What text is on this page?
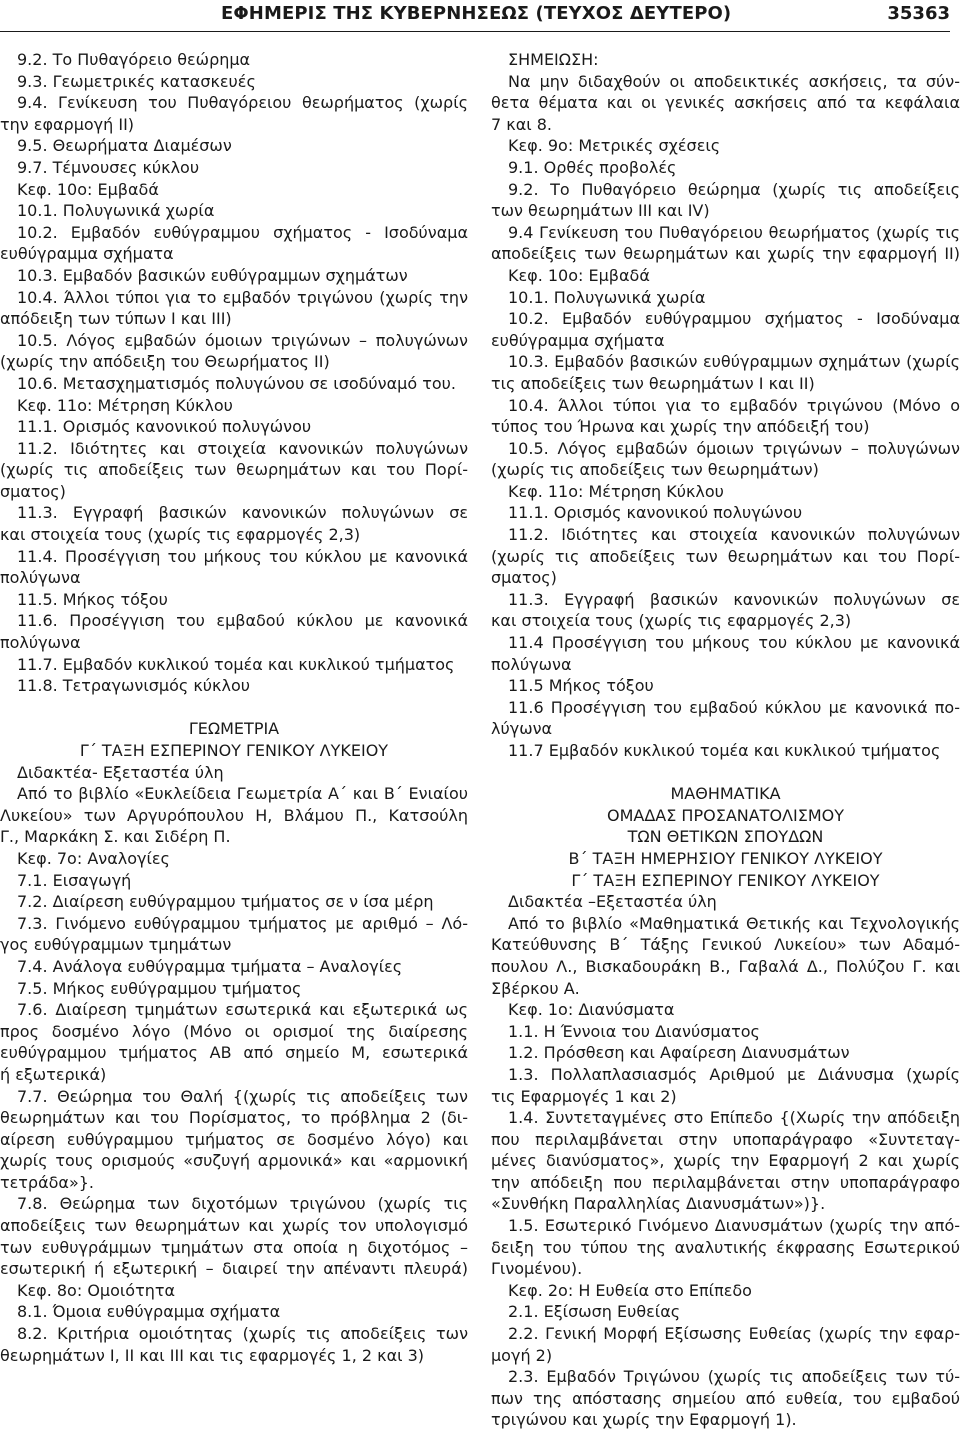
ΕΦΗΜΕΡΙΣ ΤΗΣ ΚΥΒΕΡΝΗΣΕΩΣ (ΤΕΥΧΟΣ ΔΕΥΤΕΡΟ)	35363
9.2. Το Πυθαγόρειο θεώρημα
9.3. Γεωμετρικές κατασκευές
9.4. Γενίκευση του Πυθαγόρειου θεωρήματος (χωρίς
την εφαρμογή ΙΙ)
9.5. Θεωρήματα Διαμέσων
9.7. Τέμνουσες κύκλου
Κεφ. 10ο: Εμβαδά
10.1. Πολυγωνικά χωρία
10.2. Εμβαδόν ευθύγραμμου σχήματος - Ισοδύναμα
ευθύγραμμα σχήματα
10.3. Εμβαδόν βασικών ευθύγραμμων σχημάτων
10.4. Άλλοι τύποι για το εμβαδόν τριγώνου (χωρίς την
απόδειξη των τύπων Ι και ΙΙΙ)
10.5. Λόγος εμβαδών όμοιων τριγώνων – πολυγώνων
(χωρίς την απόδειξη του Θεωρήματος ΙΙ)
10.6. Μετασχηματισμός πολυγώνου σε ισοδύναμό του.
Κεφ. 11ο: Μέτρηση Κύκλου
11.1. Ορισμός κανονικού πολυγώνου
11.2. Ιδιότητες και στοιχεία κανονικών πολυγώνων
(χωρίς τις αποδείξεις των θεωρημάτων και του Πορί-
σματος)
11.3. Εγγραφή βασικών κανονικών πολυγώνων σε
και στοιχεία τους (χωρίς τις εφαρμογές 2,3)
11.4. Προσέγγιση του μήκους του κύκλου με κανονικά
πολύγωνα
11.5. Μήκος τόξου
11.6. Προσέγγιση του εμβαδού κύκλου με κανονικά
πολύγωνα
11.7. Εμβαδόν κυκλικού τομέα και κυκλικού τμήματος
11.8. Τετραγωνισμός κύκλου
ΓΕΩΜΕΤΡΙΑ
Γ΄ ΤΑΞΗ ΕΣΠΕΡΙΝΟΥ ΓΕΝΙΚΟΥ ΛΥΚΕΙΟΥ
Διδακτέα- Εξεταστέα ύλη
Από το βιβλίο «Ευκλείδεια Γεωμετρία Α΄ και Β΄ Ενιαίου
Λυκείου» των Αργυρόπουλου Η, Βλάμου Π., Κατσούλη
Γ., Μαρκάκη Σ. και Σιδέρη Π.
Κεφ. 7ο: Αναλογίες
7.1. Εισαγωγή
7.2. Διαίρεση ευθύγραμμου τμήματος σε ν ίσα μέρη
7.3. Γινόμενο ευθύγραμμου τμήματος με αριθμό – Λό-
γος ευθύγραμμων τμημάτων
7.4. Ανάλογα ευθύγραμμα τμήματα – Αναλογίες
7.5. Μήκος ευθύγραμμου τμήματος
7.6. Διαίρεση τμημάτων εσωτερικά και εξωτερικά ως
προς δοσμένο λόγο (Μόνο οι ορισμοί της διαίρεσης
ευθύγραμμου τμήματος ΑΒ από σημείο Μ, εσωτερικά
ή εξωτερικά)
7.7. Θεώρημα του Θαλή {(χωρίς τις αποδείξεις των
θεωρημάτων και του Πορίσματος, το πρόβλημα 2 (δι-
αίρεση ευθύγραμμου τμήματος σε δοσμένο λόγο) και
χωρίς τους ορισμούς «συζυγή αρμονικά» και «αρμονική
τετράδα»}.
7.8. Θεώρημα των διχοτόμων τριγώνου (χωρίς τις
αποδείξεις των θεωρημάτων και χωρίς τον υπολογισμό
των ευθυγράμμων τμημάτων στα οποία η διχοτόμος –
εσωτερική ή εξωτερική – διαιρεί την απέναντι πλευρά)
Κεφ. 8ο: Ομοιότητα
8.1. Όμοια ευθύγραμμα σχήματα
8.2. Κριτήρια ομοιότητας (χωρίς τις αποδείξεις των
θεωρημάτων Ι, ΙΙ και ΙΙΙ και τις εφαρμογές 1, 2 και 3)
ΣΗΜΕΙΩΣΗ:
Να μην διδαχθούν οι αποδεικτικές ασκήσεις, τα σύν-
θετα θέματα και οι γενικές ασκήσεις από τα κεφάλαια
7 και 8.
Κεφ. 9ο: Μετρικές σχέσεις
9.1. Ορθές προβολές
9.2. Το Πυθαγόρειο θεώρημα (χωρίς τις αποδείξεις
των θεωρημάτων ΙΙΙ και ΙV)
9.4 Γενίκευση του Πυθαγόρειου θεωρήματος (χωρίς τις
αποδείξεις των θεωρημάτων και χωρίς την εφαρμογή ΙΙ)
Κεφ. 10ο: Εμβαδά
10.1. Πολυγωνικά χωρία
10.2. Εμβαδόν ευθύγραμμου σχήματος - Ισοδύναμα
ευθύγραμμα σχήματα
10.3. Εμβαδόν βασικών ευθύγραμμων σχημάτων (χωρίς
τις αποδείξεις των θεωρημάτων Ι και ΙΙ)
10.4. Άλλοι τύποι για το εμβαδόν τριγώνου (Μόνο ο
τύπος του Ήρωνα και χωρίς την απόδειξή του)
10.5. Λόγος εμβαδών όμοιων τριγώνων – πολυγώνων
(χωρίς τις αποδείξεις των θεωρημάτων)
Κεφ. 11ο: Μέτρηση Κύκλου
11.1. Ορισμός κανονικού πολυγώνου
11.2. Ιδιότητες και στοιχεία κανονικών πολυγώνων
(χωρίς τις αποδείξεις των θεωρημάτων και του Πορί-
σματος)
11.3. Εγγραφή βασικών κανονικών πολυγώνων σε
και στοιχεία τους (χωρίς τις εφαρμογές 2,3)
11.4 Προσέγγιση του μήκους του κύκλου με κανονικά
πολύγωνα
11.5 Μήκος τόξου
11.6 Προσέγγιση του εμβαδού κύκλου με κανονικά πο-
λύγωνα
11.7 Εμβαδόν κυκλικού τομέα και κυκλικού τμήματος
ΜΑΘΗΜΑΤΙΚΑ
ΟΜΑΔΑΣ ΠΡΟΣΑΝΑΤΟΛΙΣΜΟΥ
ΤΩΝ ΘΕΤΙΚΩΝ ΣΠΟΥΔΩΝ
Β΄ ΤΑΞΗ ΗΜΕΡΗΣΙΟΥ ΓΕΝΙΚΟΥ ΛΥΚΕΙΟΥ
Γ΄ ΤΑΞΗ ΕΣΠΕΡΙΝΟΥ ΓΕΝΙΚΟΥ ΛΥΚΕΙΟΥ
Διδακτέα –Εξεταστέα ύλη
Από το βιβλίο «Μαθηματικά Θετικής και Τεχνολογικής
Κατεύθυνσης Β΄ Τάξης Γενικού Λυκείου» των Αδαμό-
πουλου Λ., Βισκαδουράκη Β., Γαβαλά Δ., Πολύζου Γ. και
Σβέρκου Α.
Κεφ. 1ο: Διανύσματα
1.1. Η Έννοια του Διανύσματος
1.2. Πρόσθεση και Αφαίρεση Διανυσμάτων
1.3. Πολλαπλασιασμός Αριθμού με Διάνυσμα (χωρίς
τις Εφαρμογές 1 και 2)
1.4. Συντεταγμένες στο Επίπεδο {(Χωρίς την απόδειξη
που περιλαμβάνεται στην υποπαράγραφο «Συντεταγ-
μένες διανύσματος», χωρίς την Εφαρμογή 2 και χωρίς
την απόδειξη που περιλαμβάνεται στην υποπαράγραφο
«Συνθήκη Παραλληλίας Διανυσμάτων»)}.
1.5. Εσωτερικό Γινόμενο Διανυσμάτων (χωρίς την από-
δειξη του τύπου της αναλυτικής έκφρασης Εσωτερικού
Γινομένου).
Κεφ. 2ο: Η Ευθεία στο Επίπεδο
2.1. Εξίσωση Ευθείας
2.2. Γενική Μορφή Εξίσωσης Ευθείας (χωρίς την εφαρ-
μογή 2)
2.3. Εμβαδόν Τριγώνου (χωρίς τις αποδείξεις των τύ-
πων της απόστασης σημείου από ευθεία, του εμβαδού
τριγώνου και χωρίς την Εφαρμογή 1).
